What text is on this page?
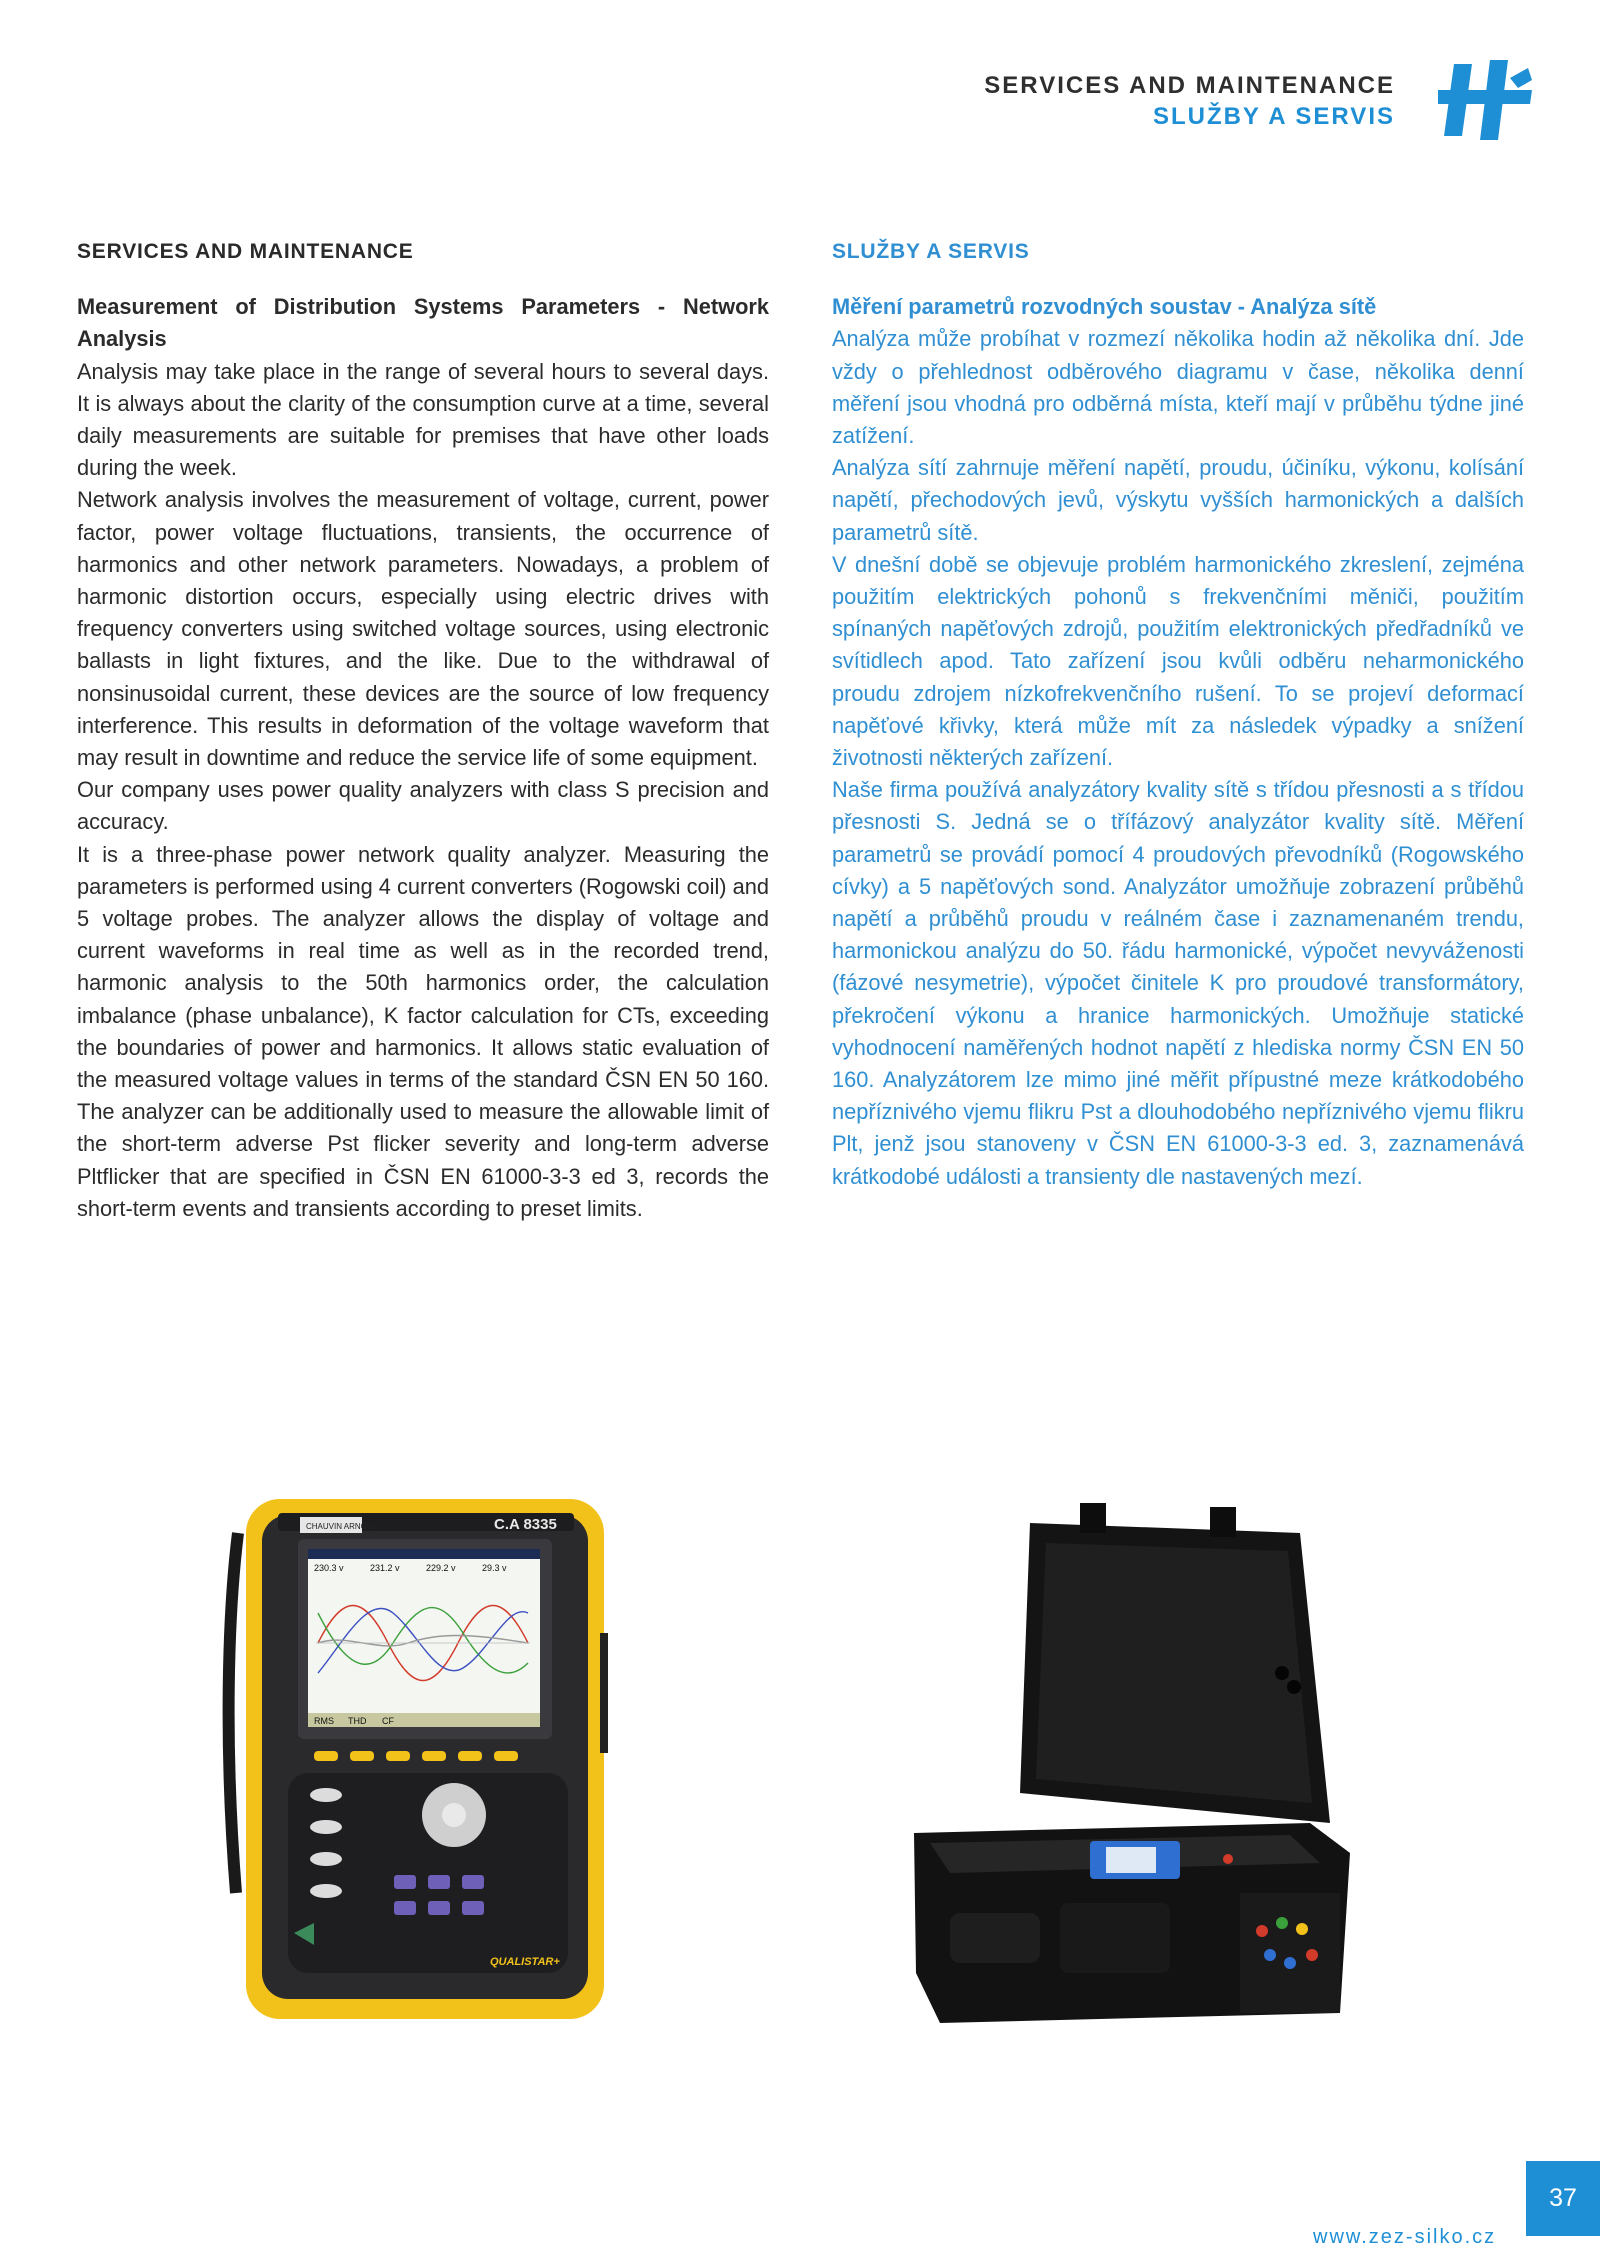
SERVICES AND MAINTENANCE
SLUŽBY A SERVIS
SERVICES AND MAINTENANCE
Measurement of Distribution Systems Parameters - Network Analysis

Analysis may take place in the range of several hours to several days. It is always about the clarity of the consumption curve at a time, several daily measurements are suitable for premises that have other loads during the week.

Network analysis involves the measurement of voltage, current, power factor, power voltage fluctuations, transients, the occurrence of harmonics and other network parameters. Nowadays, a problem of harmonic distortion occurs, especially using electric drives with frequency converters using switched voltage sources, using electronic ballasts in light fixtures, and the like. Due to the withdrawal of nonsinusoidal current, these devices are the source of low frequency interference. This results in deformation of the voltage waveform that may result in downtime and reduce the service life of some equipment.

Our company uses power quality analyzers with class S precision and accuracy.

It is a three-phase power network quality analyzer. Measuring the parameters is performed using 4 current converters (Rogowski coil) and 5 voltage probes. The analyzer allows the display of voltage and current waveforms in real time as well as in the recorded trend, harmonic analysis to the 50th harmonics order, the calculation imbalance (phase unbalance), K factor calculation for CTs, exceeding the boundaries of power and harmonics. It allows static evaluation of the measured voltage values in terms of the standard ČSN EN 50 160. The analyzer can be additionally used to measure the allowable limit of the short-term adverse Pst flicker severity and long-term adverse Pltflicker that are specified in ČSN EN 61000-3-3 ed 3, records the short-term events and transients according to preset limits.

SLUŽBY A SERVIS
Měření parametrů rozvodných soustav - Analýza sítě

Analýza může probíhat v rozmezí několika hodin až několika dní. Jde vždy o přehlednost odběrového diagramu v čase, několika denní měření jsou vhodná pro odběrná místa, kteří mají v průběhu týdne jiné zatížení.

Analýza sítí zahrnuje měření napětí, proudu, účiníku, výkonu, kolísání napětí, přechodových jevů, výskytu vyšších harmonických a dalších parametrů sítě.

V dnešní době se objevuje problém harmonického zkreslení, zejména použitím elektrických pohonů s frekvenčními měniči, použitím spínaných napěťových zdrojů, použitím elektronických předřadníků ve svítidlech apod. Tato zařízení jsou kvůli odběru neharmonického proudu zdrojem nízkofrekvenčního rušení. To se projeví deformací napěťové křivky, která může mít za následek výpadky a snížení životnosti některých zařízení.

Naše firma používá analyzátory kvality sítě s třídou přesnosti a s třídou přesnosti S. Jedná se o třífázový analyzátor kvality sítě. Měření parametrů se provádí pomocí 4 proudových převodníků (Rogowského cívky) a 5 napěťových sond. Analyzátor umožňuje zobrazení průběhů napětí a průběhů proudu v reálném čase i zaznamenaném trendu, harmonickou analýzu do 50. řádu harmonické, výpočet nevyváženosti (fázové nesymetrie), výpočet činitele K pro proudové transformátory, překročení výkonu a hranice harmonických. Umožňuje statické vyhodnocení naměřených hodnot napětí z hlediska normy ČSN EN 50 160. Analyzátorem lze mimo jiné měřit přípustné meze krátkodobého nepříznivého vjemu flikru Pst a dlouhodobého nepříznivého vjemu flikru Plt, jenž jsou stanoveny v ČSN EN 61000-3-3 ed. 3, zaznamenává krátkodobé události a transienty dle nastavených mezí.

CHAUVIN ARNOUX	C.A 8335
230.3 v	231.2 v	229.2 v	29.3 v
RMS THD CF
QUALISTAR+
www.zez-silko.cz
37
